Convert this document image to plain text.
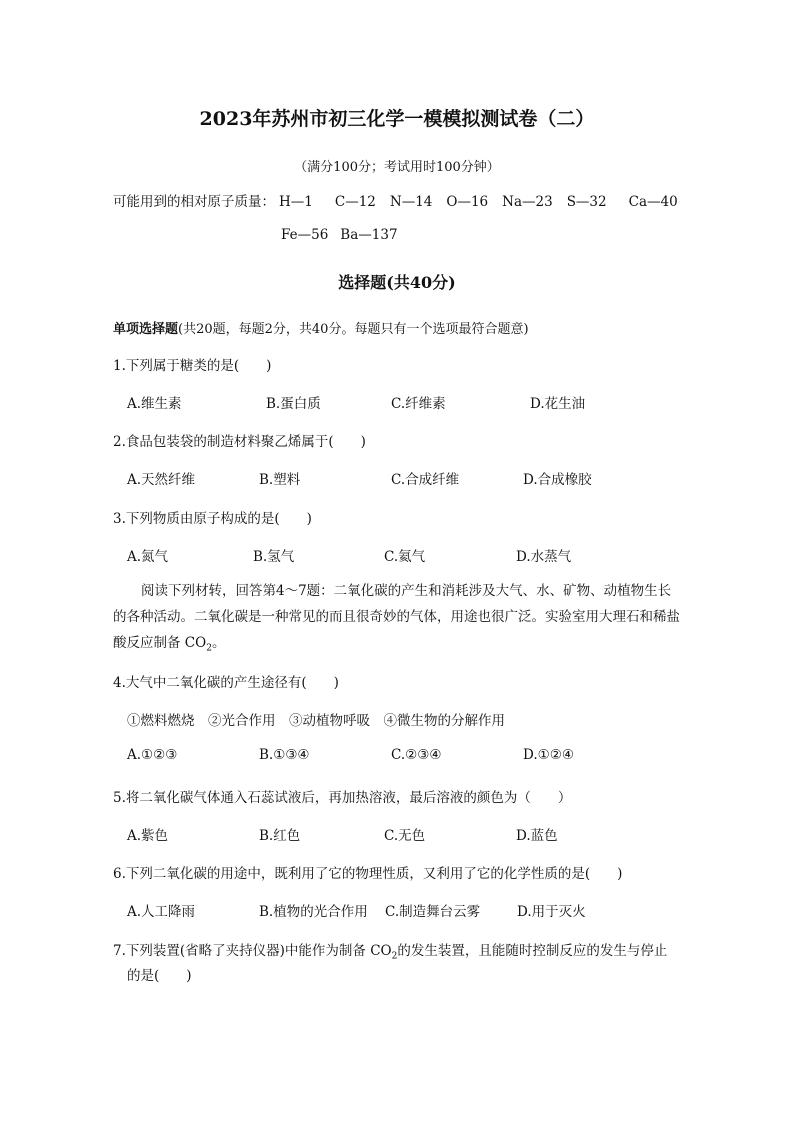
2023年苏州市初三化学一模模拟测试卷（二）
（满分100分；考试用时100分钟）
可能用到的相对原子质量： H—1 C—12 N—14 O—16 Na—23 S—32 Ca—40
Fe—56 Ba—137
选择题(共40分)
单项选择题(共20题，每题2分，共40分。每题只有一个选项最符合题意)
1.下列属于糖类的是(　　)
A.维生素	B.蛋白质	C.纤维素	D.花生油
2.食品包装袋的制造材料聚乙烯属于(　　)
A.天然纤维	B.塑料	C.合成纤维	D.合成橡胶
3.下列物质由原子构成的是(　　)
A.氮气	B.氢气	C.氦气	D.水蒸气
阅读下列材转，回答第4～7题：二氧化碳的产生和消耗涉及大气、水、矿物、动植物生长的各种活动。二氧化碳是一种常见的而且很奇妙的气体，用途也很广泛。实验室用大理石和稀盐酸反应制备 $CO_2$。
4.大气中二氧化碳的产生途径有(　　)
①燃料燃烧　②光合作用　③动植物呼吸　④微生物的分解作用
A.①②③	B.①③④	C.②③④	D.①②④
5.将二氧化碳气体通入石蕊试液后，再加热溶液，最后溶液的颜色为（　　）
A.紫色	B.红色	C.无色	D.蓝色
6.下列二氧化碳的用途中，既利用了它的物理性质，又利用了它的化学性质的是(　　)
A.人工降雨	B.植物的光合作用 C.制造舞台云雾	D.用于灭火
7.下列装置(省略了夹持仪器)中能作为制备 $CO_2$的发生装置，且能随时控制反应的发生与停止
的是(　　)
